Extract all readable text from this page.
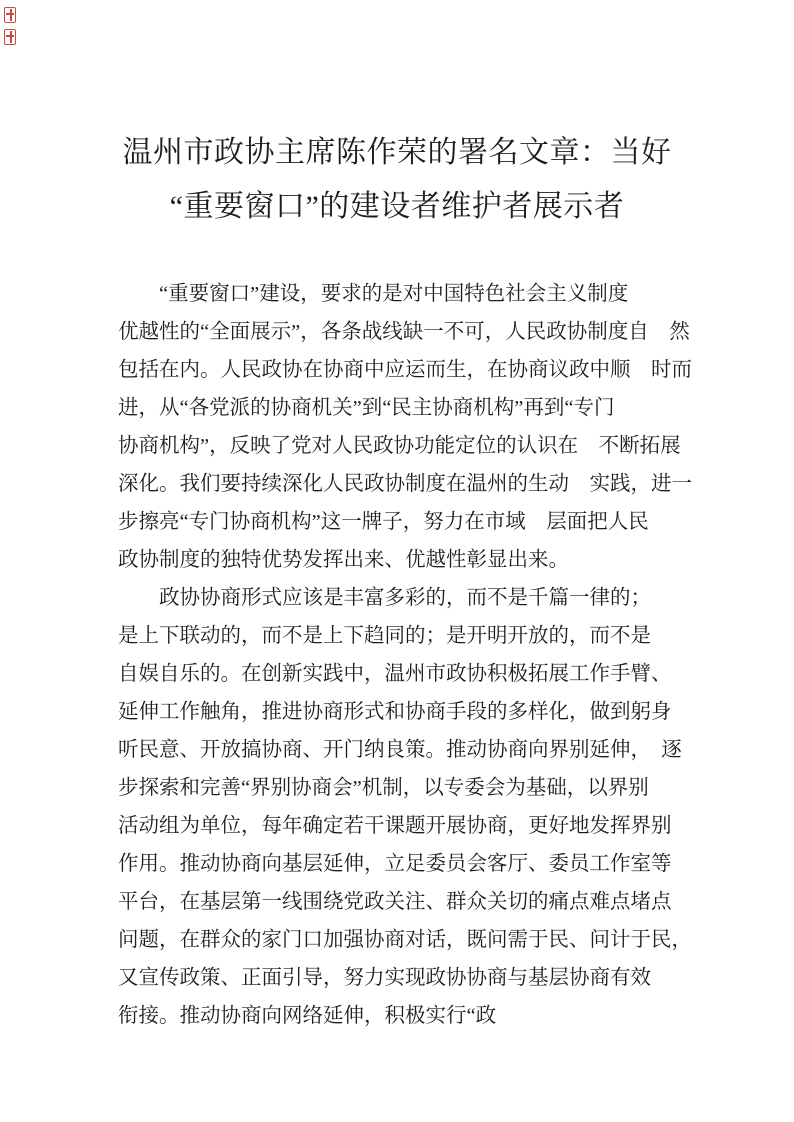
温州市政协主席陈作荣的署名文章：当好
“重要窗口”的建设者维护者展示者
“重要窗口”建设，要求的是对中国特色社会主义制度
优越性的“全面展示”，各条战线缺一不可，人民政协制度自　然
包括在内。人民政协在协商中应运而生，在协商议政中顺　时而
进，从“各党派的协商机关”到“民主协商机构”再到“专门
协商机构”，反映了党对人民政协功能定位的认识在　不断拓展
深化。我们要持续深化人民政协制度在温州的生动　实践，进一
步擦亮“专门协商机构”这一牌子，努力在市域　层面把人民
政协制度的独特优势发挥出来、优越性彰显出来。
政协协商形式应该是丰富多彩的，而不是千篇一律的；
是上下联动的，而不是上下趋同的；是开明开放的，而不是
自娱自乐的。在创新实践中，温州市政协积极拓展工作手臂、
延伸工作触角，推进协商形式和协商手段的多样化，做到躬身
听民意、开放搞协商、开门纳良策。推动协商向界别延伸，　逐
步探索和完善“界别协商会”机制，以专委会为基础，以界别
活动组为单位，每年确定若干课题开展协商，更好地发挥界别
作用。推动协商向基层延伸，立足委员会客厅、委员工作室等
平台，在基层第一线围绕党政关注、群众关切的痛点难点堵点
问题，在群众的家门口加强协商对话，既问需于民、问计于民，
又宣传政策、正面引导，努力实现政协协商与基层协商有效
衔接。推动协商向网络延伸，积极实行“政
